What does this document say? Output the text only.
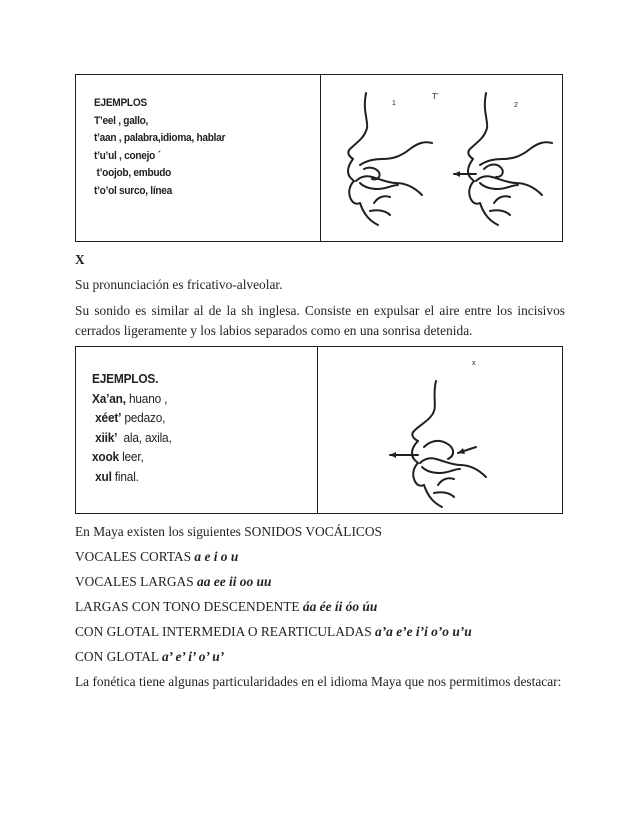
EJEMPLOS
T’eel , gallo,
t’aan , palabra,idioma, hablar
t’u’ul , conejo ´
t’oojob, embudo
t’o’ol surco, línea
1
T’
2
X
Su pronunciación es fricativo-alveolar.
Su sonido es similar al de la sh inglesa. Consiste en expulsar el aire entre los incisivos cerrados ligeramente y los labios separados como en una sonrisa detenida.
EJEMPLOS.
Xa’an, huano ,
xéet’ pedazo,
xiik’  ala, axila,
xook leer,
xul final.
x
En Maya existen los siguientes SONIDOS VOCÁLICOS
VOCALES CORTAS a e i o u
VOCALES LARGAS aa ee ii oo uu
LARGAS CON TONO DESCENDENTE áa ée íi óo úu
CON GLOTAL INTERMEDIA O REARTICULADAS a’a e’e i’i o’o u’u
CON GLOTAL a’ e’ i’ o’ u’
La fonética tiene algunas particularidades en el idioma Maya que nos permitimos destacar:
